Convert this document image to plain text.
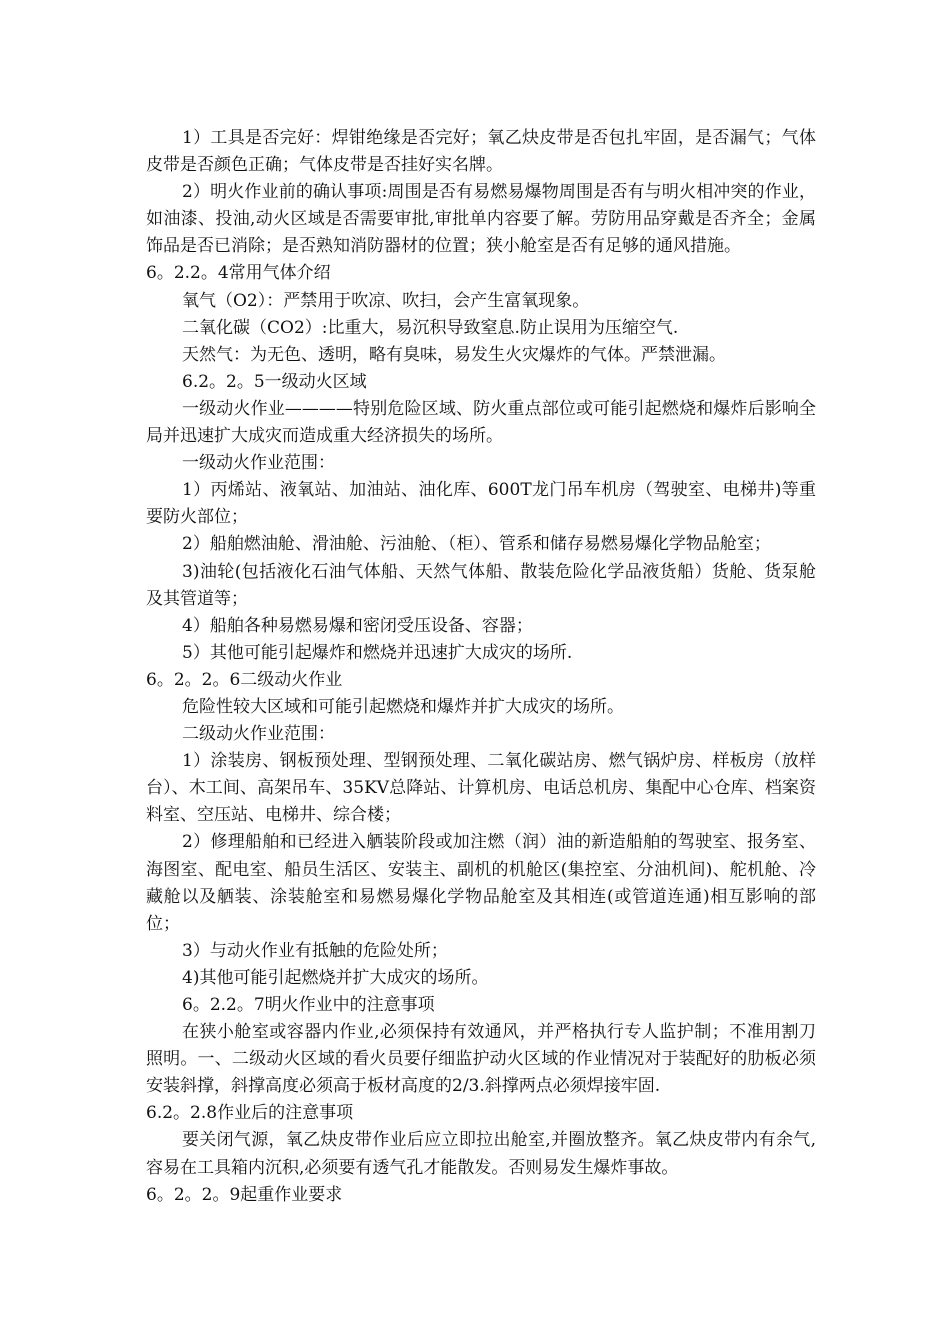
1）工具是否完好：焊钳绝缘是否完好；氧乙炔皮带是否包扎牢固，是否漏气；气体皮带是否颜色正确；气体皮带是否挂好实名牌。

2）明火作业前的确认事项:周围是否有易燃易爆物周围是否有与明火相冲突的作业，如油漆、投油,动火区域是否需要审批,审批单内容要了解。劳防用品穿戴是否齐全；金属饰品是否已消除；是否熟知消防器材的位置；狭小舱室是否有足够的通风措施。

6。2.2。4常用气体介绍

氧气（O2）：严禁用于吹凉、吹扫，会产生富氧现象。

二氧化碳（CO2）:比重大，易沉积导致窒息.防止误用为压缩空气.

天然气：为无色、透明，略有臭味，易发生火灾爆炸的气体。严禁泄漏。

6.2。2。5一级动火区域

一级动火作业————特别危险区域、防火重点部位或可能引起燃烧和爆炸后影响全局并迅速扩大成灾而造成重大经济损失的场所。

一级动火作业范围：

1）丙烯站、液氧站、加油站、油化库、600T龙门吊车机房（驾驶室、电梯井)等重要防火部位；

2）船舶燃油舱、滑油舱、污油舱、（柜）、管系和储存易燃易爆化学物品舱室；

3)油轮(包括液化石油气体船、天然气体船、散装危险化学品液货船）货舱、货泵舱及其管道等；

4）船舶各种易燃易爆和密闭受压设备、容器；

5）其他可能引起爆炸和燃烧并迅速扩大成灾的场所.

6。2。2。6二级动火作业

危险性较大区域和可能引起燃烧和爆炸并扩大成灾的场所。

二级动火作业范围：

1）涂装房、钢板预处理、型钢预处理、二氧化碳站房、燃气锅炉房、样板房（放样台）、木工间、高架吊车、35KV总降站、计算机房、电话总机房、集配中心仓库、档案资料室、空压站、电梯井、综合楼；

2）修理船舶和已经进入舾装阶段或加注燃（润）油的新造船舶的驾驶室、报务室、海图室、配电室、船员生活区、安装主、副机的机舱区(集控室、分油机间)、舵机舱、冷藏舱以及舾装、涂装舱室和易燃易爆化学物品舱室及其相连(或管道连通)相互影响的部位；

3）与动火作业有抵触的危险处所；

4)其他可能引起燃烧并扩大成灾的场所。

6。2.2。7明火作业中的注意事项

在狭小舱室或容器内作业,必须保持有效通风，并严格执行专人监护制；不准用割刀照明。一、二级动火区域的看火员要仔细监护动火区域的作业情况对于装配好的肋板必须安装斜撑，斜撑高度必须高于板材高度的2/3.斜撑两点必须焊接牢固.

6.2。2.8作业后的注意事项

要关闭气源，氧乙炔皮带作业后应立即拉出舱室,并圈放整齐。氧乙炔皮带内有余气,容易在工具箱内沉积,必须要有透气孔才能散发。否则易发生爆炸事故。

6。2。2。9起重作业要求
